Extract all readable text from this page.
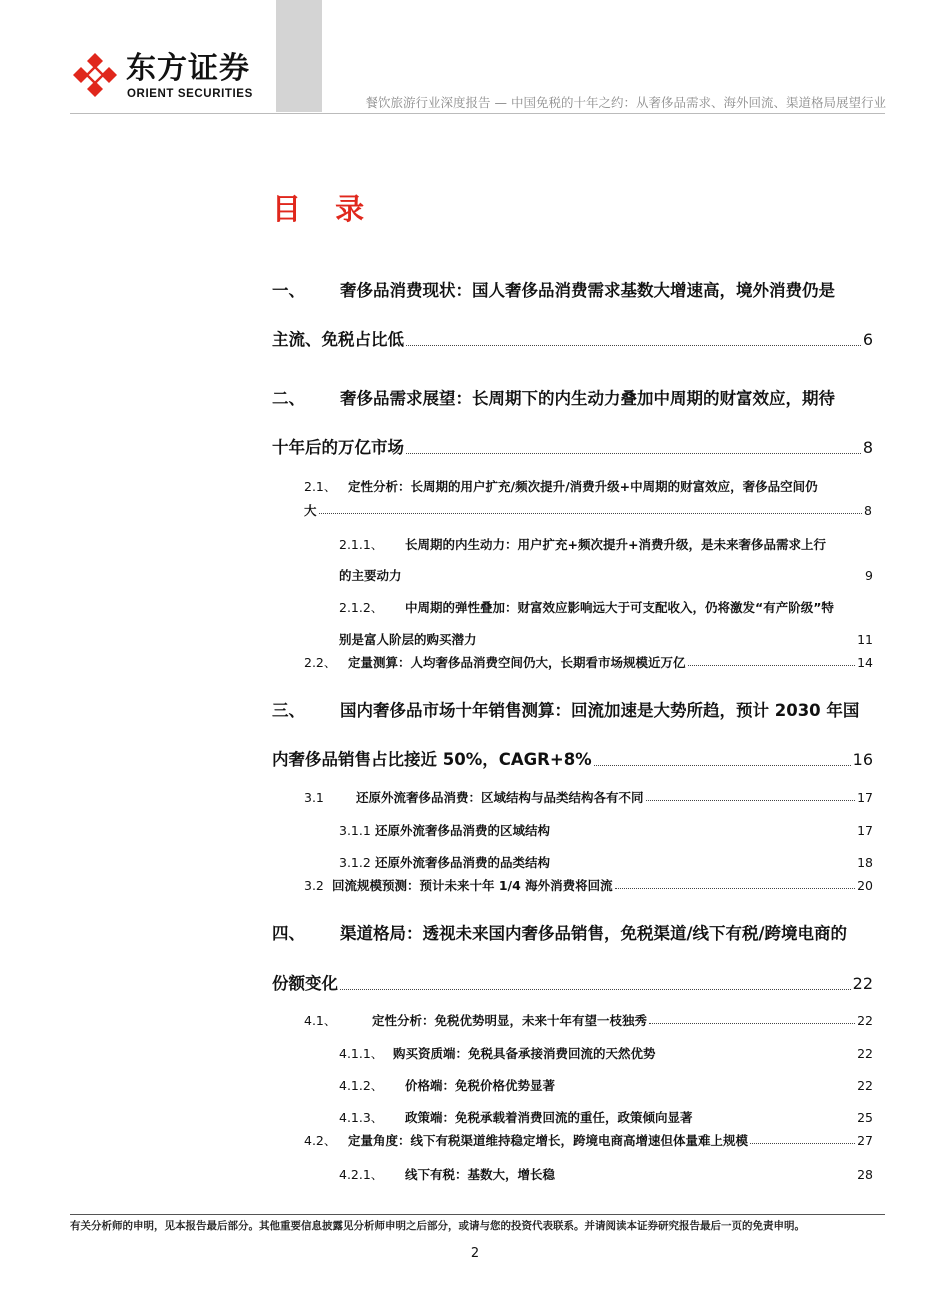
东方证券
ORIENT SECURITIES
餐饮旅游行业深度报告 — 中国免税的十年之约：从奢侈品需求、海外回流、渠道格局展望行业
目 录
一、	奢侈品消费现状：国人奢侈品消费需求基数大增速高，境外消费仍是
主流、免税占比低	6
二、	奢侈品需求展望：长周期下的内生动力叠加中周期的财富效应，期待
十年后的万亿市场	8
2.1、 定性分析：长周期的用户扩充/频次提升/消费升级+中周期的财富效应，奢侈品空间仍
大	8
2.1.1、	长周期的内生动力：用户扩充+频次提升+消费升级，是未来奢侈品需求上行
的主要动力	9
2.1.2、	中周期的弹性叠加：财富效应影响远大于可支配收入，仍将激发“有产阶级”特
别是富人阶层的购买潜力	11
2.2、 定量测算：人均奢侈品消费空间仍大，长期看市场规模近万亿	14
三、	国内奢侈品市场十年销售测算：回流加速是大势所趋，预计 2030 年国
内奢侈品销售占比接近 50%，CAGR+8%	16
3.1	还原外流奢侈品消费：区域结构与品类结构各有不同	17
3.1.1 还原外流奢侈品消费的区域结构	17
3.1.2 还原外流奢侈品消费的品类结构	18
3.2 回流规模预测：预计未来十年 1/4 海外消费将回流	20
四、	渠道格局：透视未来国内奢侈品销售，免税渠道/线下有税/跨境电商的
份额变化	22
4.1、	定性分析：免税优势明显，未来十年有望一枝独秀	22
4.1.1、 购买资质端：免税具备承接消费回流的天然优势	22
4.1.2、	价格端：免税价格优势显著	22
4.1.3、	政策端：免税承载着消费回流的重任，政策倾向显著	25
4.2、 定量角度：线下有税渠道维持稳定增长，跨境电商高增速但体量难上规模	27
4.2.1、	线下有税：基数大，增长稳	28
有关分析师的申明，见本报告最后部分。其他重要信息披露见分析师申明之后部分，或请与您的投资代表联系。并请阅读本证券研究报告最后一页的免责申明。
2
